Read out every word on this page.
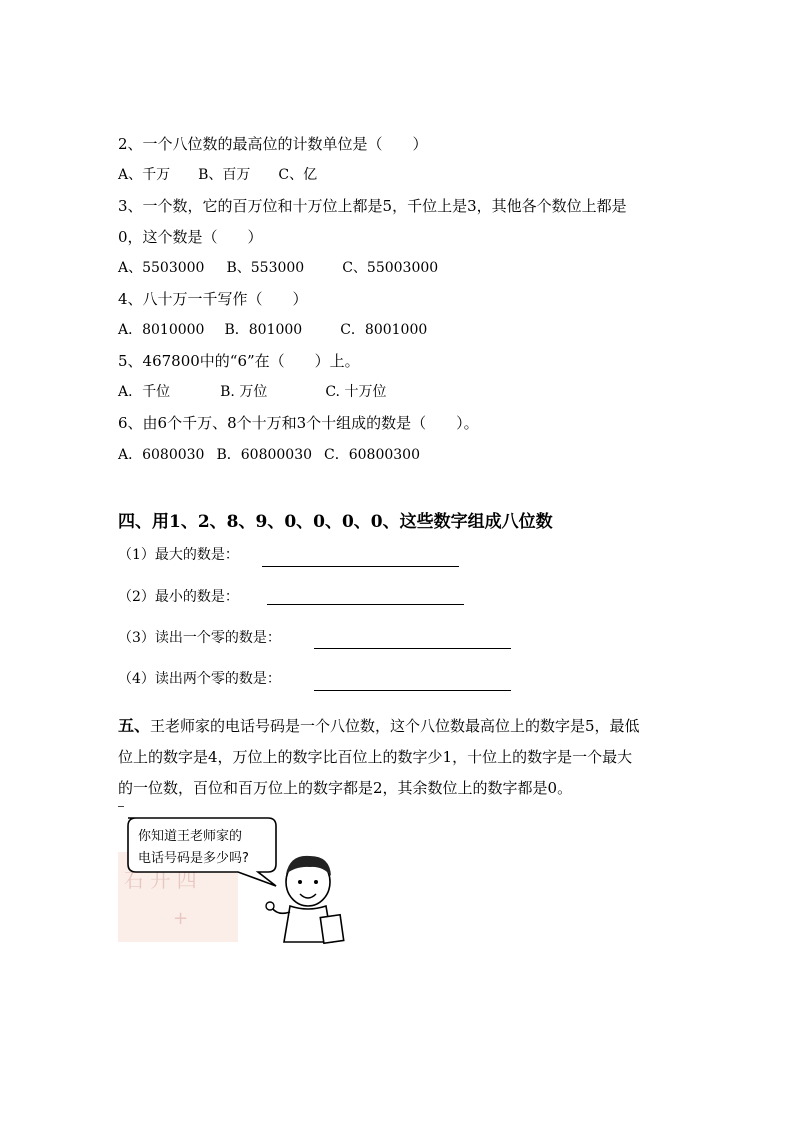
2、一个八位数的最高位的计数单位是（　　）
A、千万 B、百万 C、亿
3、一个数，它的百万位和十万位上都是5，千位上是3，其他各个数位上都是
0，这个数是（　　）
A、5503000 B、553000	C、55003000
4、八十万一千写作（　　）
A．8010000 B．801000	C．8001000
5、467800中的“6”在（　　）上。
A．千位	B. 万位	C. 十万位
6、由6个千万、8个十万和3个十组成的数是（　　）。
A．6080030 B．60800030 C．60800300
四、用1、2、8、9、0、0、0、0、这些数字组成八位数
（1）最大的数是：
（2）最小的数是：
（3）读出一个零的数是：
（4）读出两个零的数是：
五、王老师家的电话号码是一个八位数，这个八位数最高位上的数字是5，最低
位上的数字是4，万位上的数字比百位上的数字少1，十位上的数字是一个最大
的一位数，百位和百万位上的数字都是2，其余数位上的数字都是0。
石 开 四
+
你知道王老师家的
电话号码是多少吗?
